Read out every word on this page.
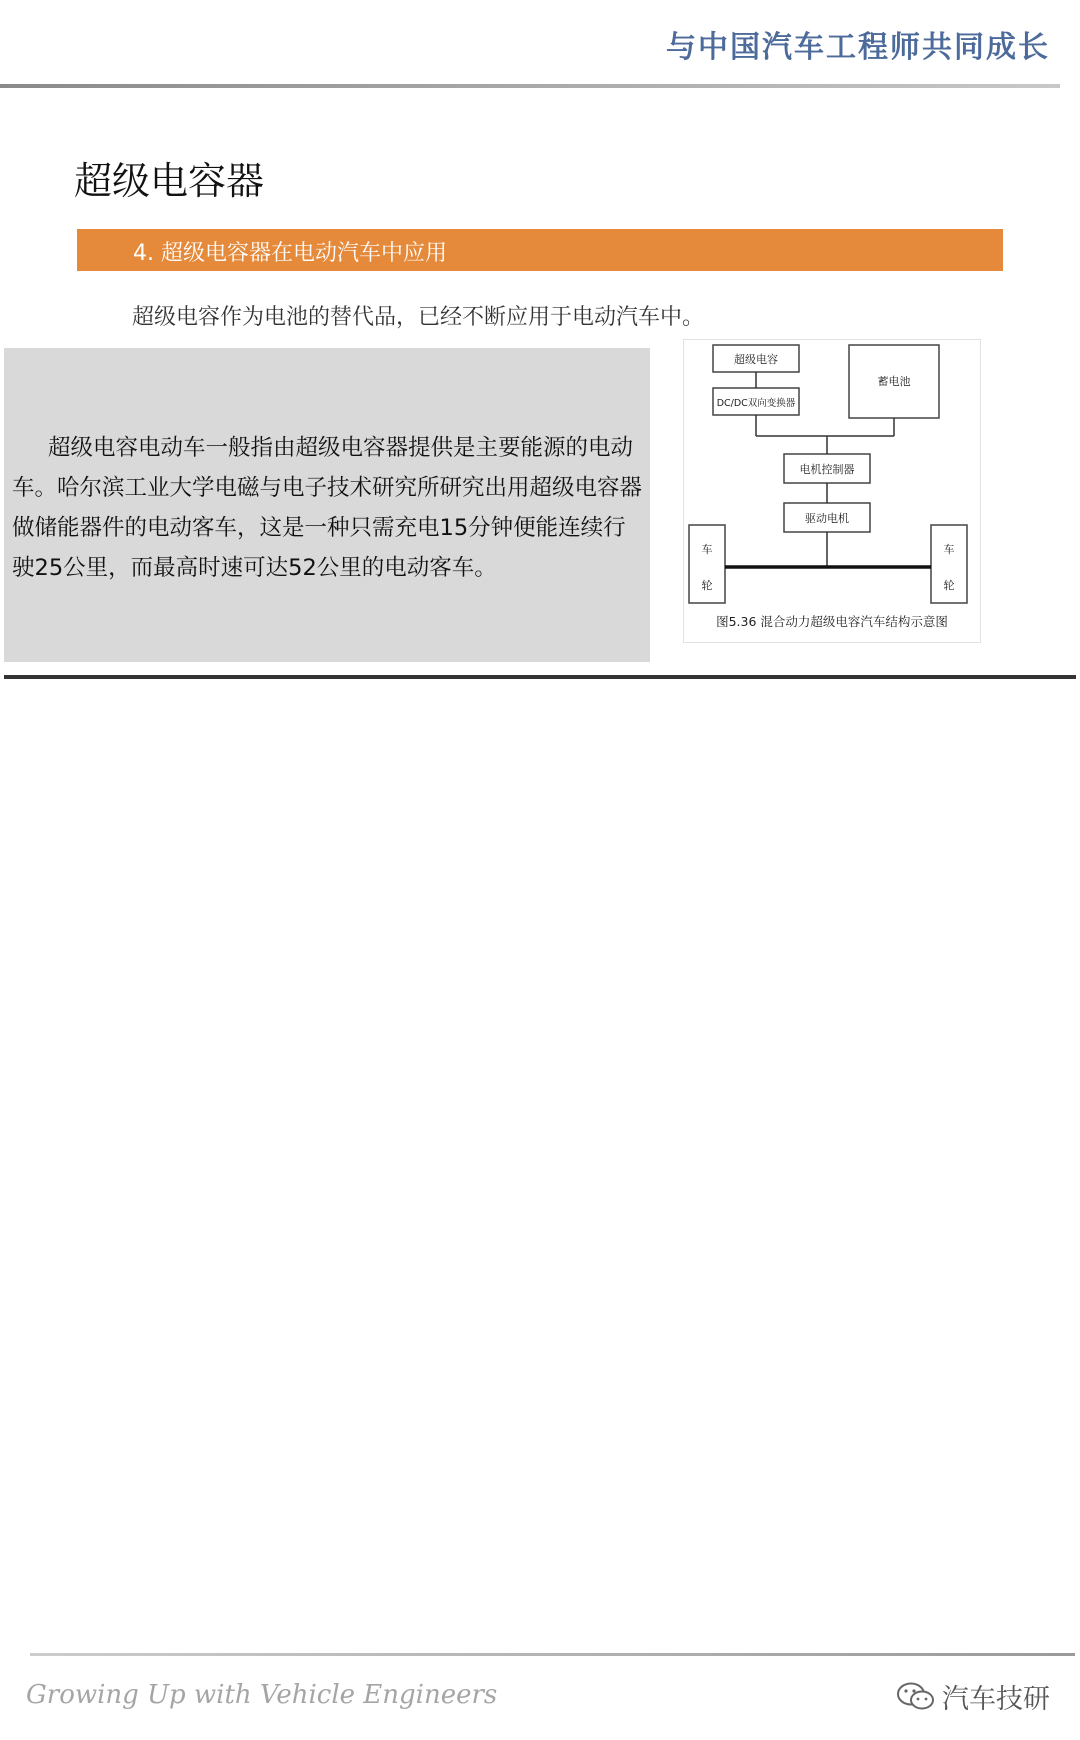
与中国汽车工程师共同成长
超级电容器
4. 超级电容器在电动汽车中应用
超级电容作为电池的替代品，已经不断应用于电动汽车中。

超级电容电动车一般指由超级电容器提供是主要能源的电动车。哈尔滨工业大学电磁与电子技术研究所研究出用超级电容器做储能器件的电动客车，这是一种只需充电15分钟便能连续行驶25公里，而最高时速可达52公里的电动客车。

超级电容
DC/DC双向变换器
蓄电池
电机控制器
驱动电机
车
轮
车
轮
图5.36 混合动力超级电容汽车结构示意图
Growing Up with Vehicle Engineers	汽车技研
